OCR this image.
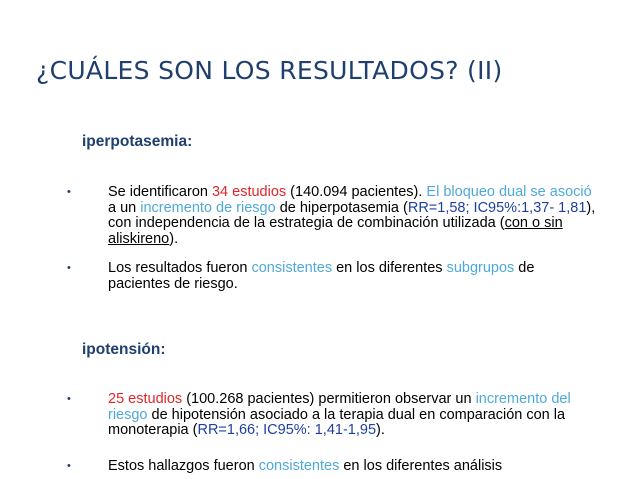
¿CUÁLES SON LOS RESULTADOS? (II)
iperpotasemia:
•	Se identificaron 34 estudios (140.094 pacientes). El bloqueo dual se asoció a un incremento de riesgo de hiperpotasemia (RR=1,58; IC95%:1,37- 1,81), con independencia de la estrategia de combinación utilizada (con o sin aliskireno).
•	Los resultados fueron consistentes en los diferentes subgrupos de pacientes de riesgo.
ipotensión:
•	25 estudios (100.268 pacientes) permitieron observar un incremento del riesgo de hipotensión asociado a la terapia dual en comparación con la monoterapia (RR=1,66; IC95%: 1,41-1,95).
•	Estos hallazgos fueron consistentes en los diferentes análisis
